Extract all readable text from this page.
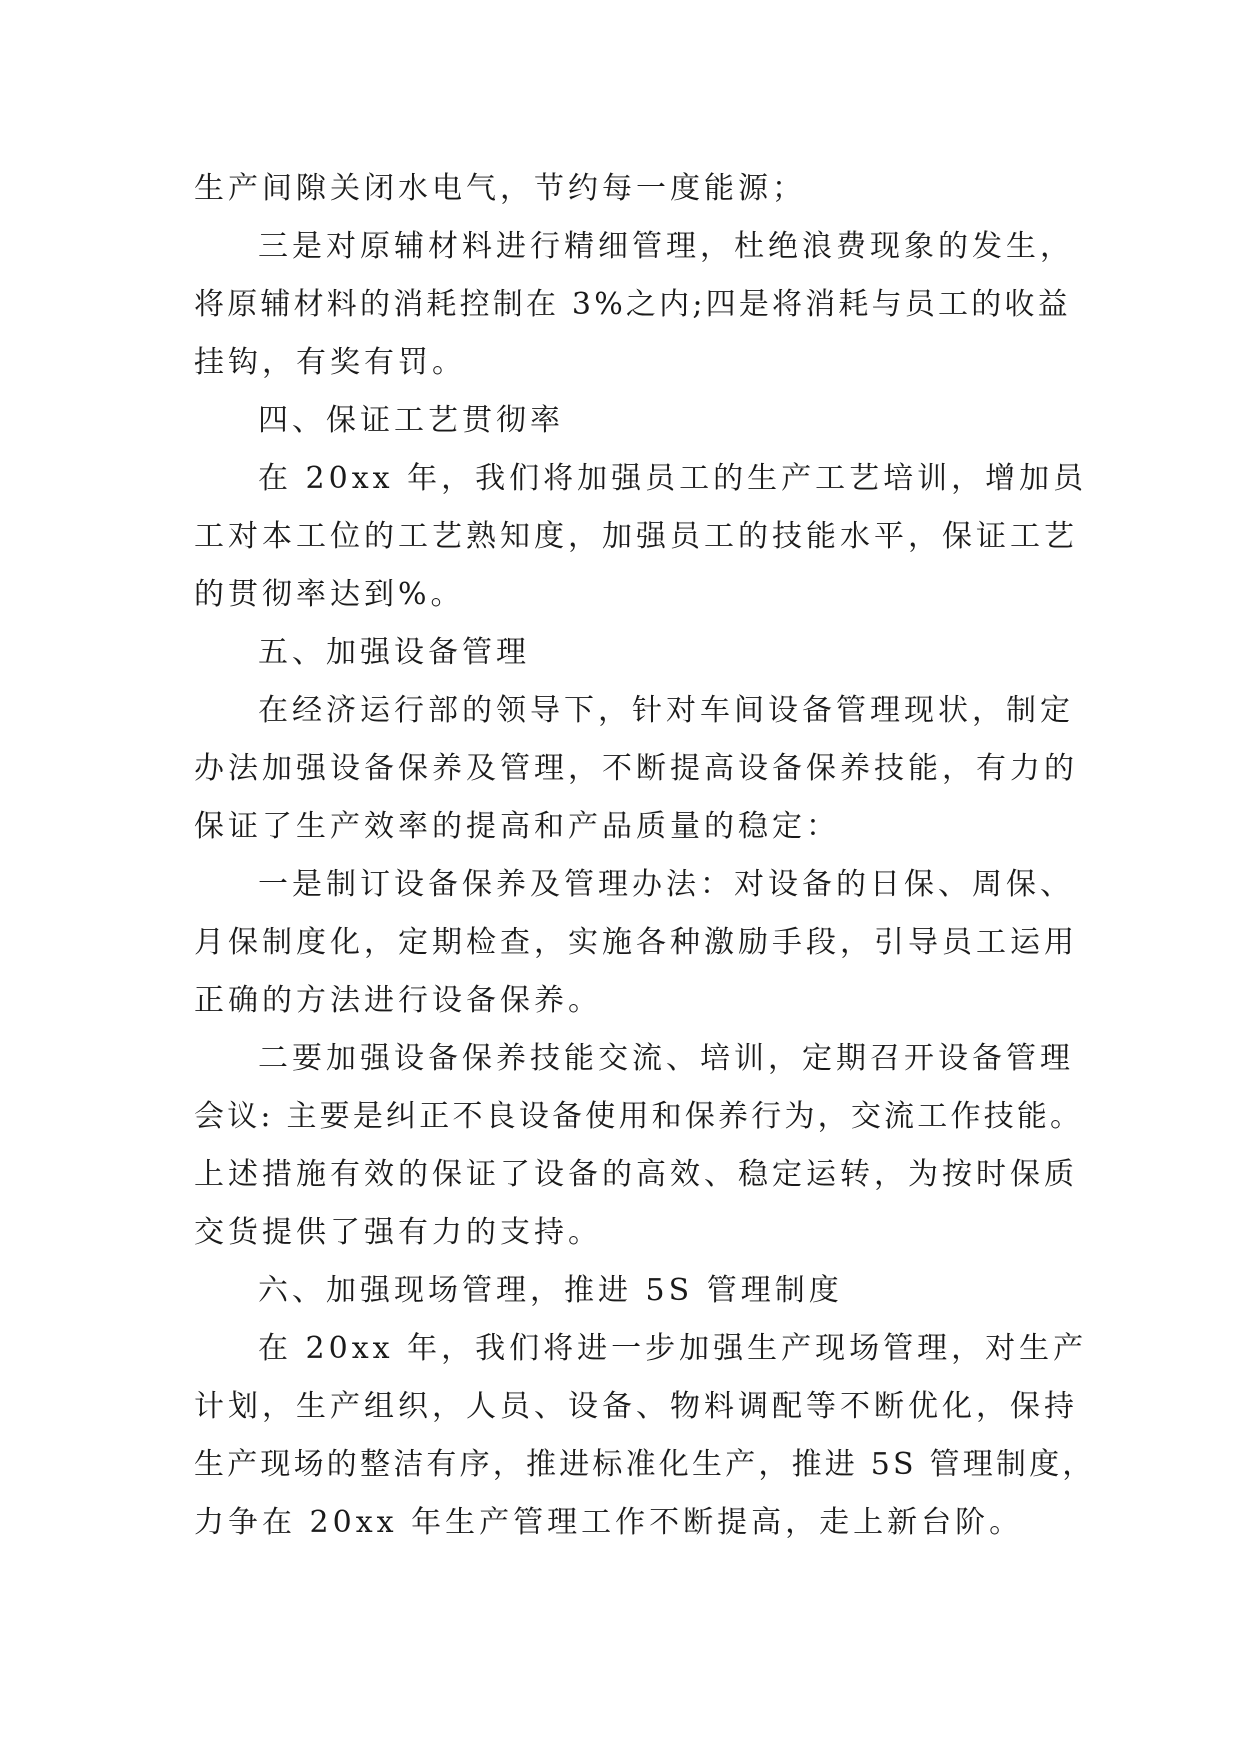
生产间隙关闭水电气，节约每一度能源；
三是对原辅材料进行精细管理，杜绝浪费现象的发生，
将原辅材料的消耗控制在 3%之内;四是将消耗与员工的收益
挂钩，有奖有罚。
四、保证工艺贯彻率
在 20xx 年，我们将加强员工的生产工艺培训，增加员
工对本工位的工艺熟知度，加强员工的技能水平，保证工艺
的贯彻率达到%。
五、加强设备管理
在经济运行部的领导下，针对车间设备管理现状，制定
办法加强设备保养及管理，不断提高设备保养技能，有力的
保证了生产效率的提高和产品质量的稳定：
一是制订设备保养及管理办法：对设备的日保、周保、
月保制度化，定期检查，实施各种激励手段，引导员工运用
正确的方法进行设备保养。
二要加强设备保养技能交流、培训，定期召开设备管理
会议: 主要是纠正不良设备使用和保养行为，交流工作技能。
上述措施有效的保证了设备的高效、稳定运转，为按时保质
交货提供了强有力的支持。
六、加强现场管理，推进 5S 管理制度
在 20xx 年，我们将进一步加强生产现场管理，对生产
计划，生产组织，人员、设备、物料调配等不断优化，保持
生产现场的整洁有序，推进标准化生产，推进 5S 管理制度，
力争在 20xx 年生产管理工作不断提高，走上新台阶。
